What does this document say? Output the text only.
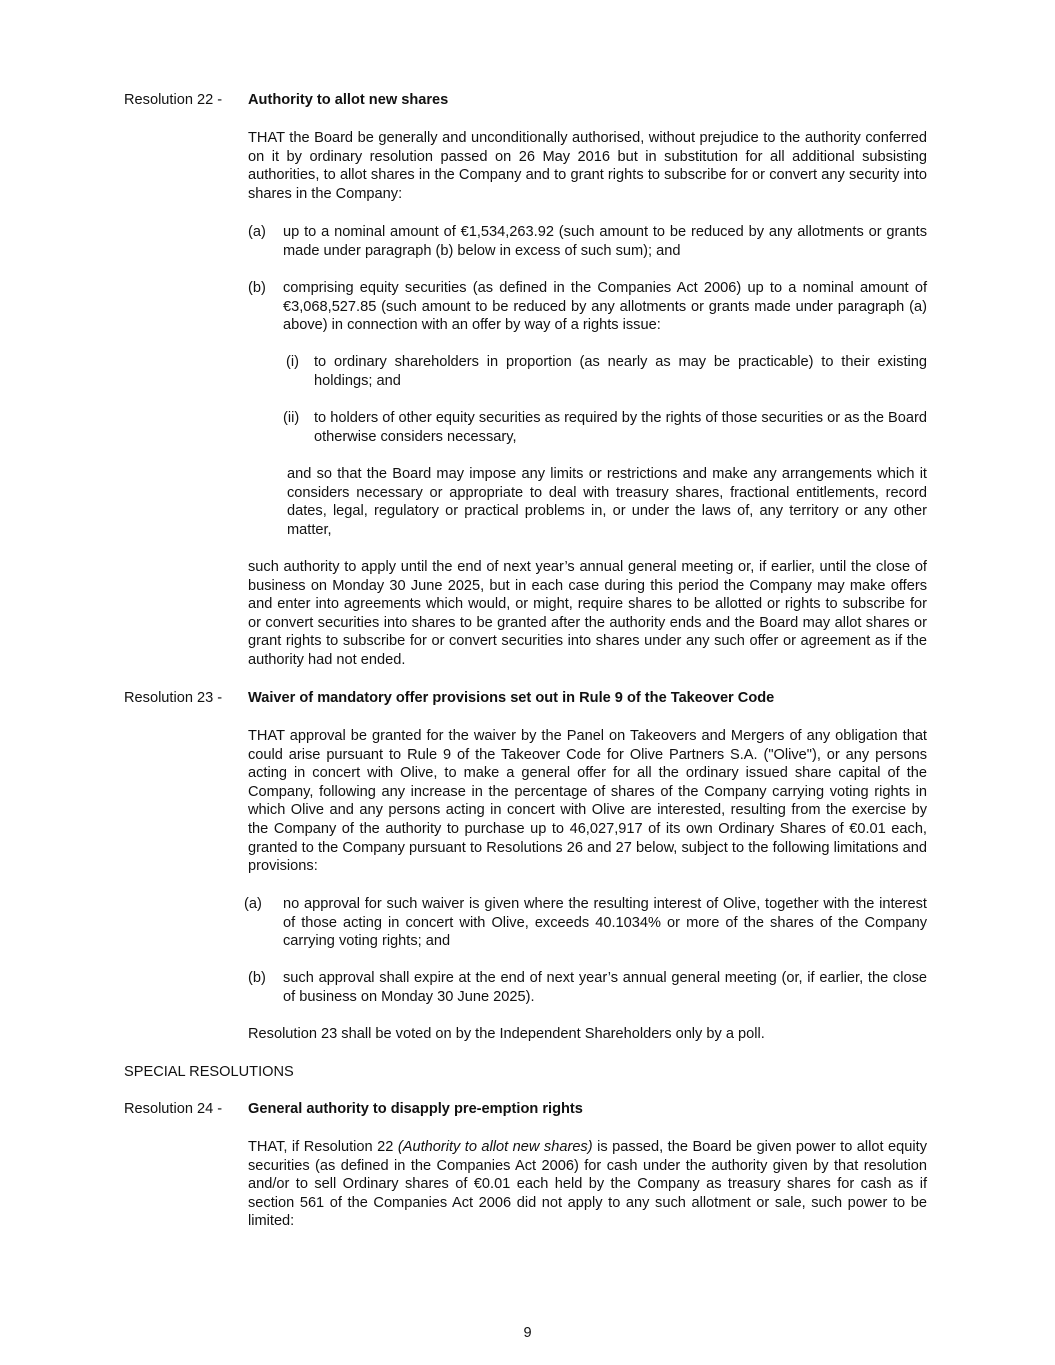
Resolution 22 - Authority to allot new shares
THAT the Board be generally and unconditionally authorised, without prejudice to the authority conferred on it by ordinary resolution passed on 26 May 2016 but in substitution for all additional subsisting authorities, to allot shares in the Company and to grant rights to subscribe for or convert any security into shares in the Company:
(a) up to a nominal amount of €1,534,263.92 (such amount to be reduced by any allotments or grants made under paragraph (b) below in excess of such sum); and
(b) comprising equity securities (as defined in the Companies Act 2006) up to a nominal amount of €3,068,527.85 (such amount to be reduced by any allotments or grants made under paragraph (a) above) in connection with an offer by way of a rights issue:
(i) to ordinary shareholders in proportion (as nearly as may be practicable) to their existing holdings; and
(ii) to holders of other equity securities as required by the rights of those securities or as the Board otherwise considers necessary,
and so that the Board may impose any limits or restrictions and make any arrangements which it considers necessary or appropriate to deal with treasury shares, fractional entitlements, record dates, legal, regulatory or practical problems in, or under the laws of, any territory or any other matter,
such authority to apply until the end of next year’s annual general meeting or, if earlier, until the close of business on Monday 30 June 2025, but in each case during this period the Company may make offers and enter into agreements which would, or might, require shares to be allotted or rights to subscribe for or convert securities into shares to be granted after the authority ends and the Board may allot shares or grant rights to subscribe for or convert securities into shares under any such offer or agreement as if the authority had not ended.
Resolution 23 - Waiver of mandatory offer provisions set out in Rule 9 of the Takeover Code
THAT approval be granted for the waiver by the Panel on Takeovers and Mergers of any obligation that could arise pursuant to Rule 9 of the Takeover Code for Olive Partners S.A. ("Olive"), or any persons acting in concert with Olive, to make a general offer for all the ordinary issued share capital of the Company, following any increase in the percentage of shares of the Company carrying voting rights in which Olive and any persons acting in concert with Olive are interested, resulting from the exercise by the Company of the authority to purchase up to 46,027,917 of its own Ordinary Shares of €0.01 each, granted to the Company pursuant to Resolutions 26 and 27 below, subject to the following limitations and provisions:
(a) no approval for such waiver is given where the resulting interest of Olive, together with the interest of those acting in concert with Olive, exceeds 40.1034% or more of the shares of the Company carrying voting rights; and
(b) such approval shall expire at the end of next year’s annual general meeting (or, if earlier, the close of business on Monday 30 June 2025).
Resolution 23 shall be voted on by the Independent Shareholders only by a poll.
SPECIAL RESOLUTIONS
Resolution 24 - General authority to disapply pre-emption rights
THAT, if Resolution 22 (Authority to allot new shares) is passed, the Board be given power to allot equity securities (as defined in the Companies Act 2006) for cash under the authority given by that resolution and/or to sell Ordinary shares of €0.01 each held by the Company as treasury shares for cash as if section 561 of the Companies Act 2006 did not apply to any such allotment or sale, such power to be limited:
9
